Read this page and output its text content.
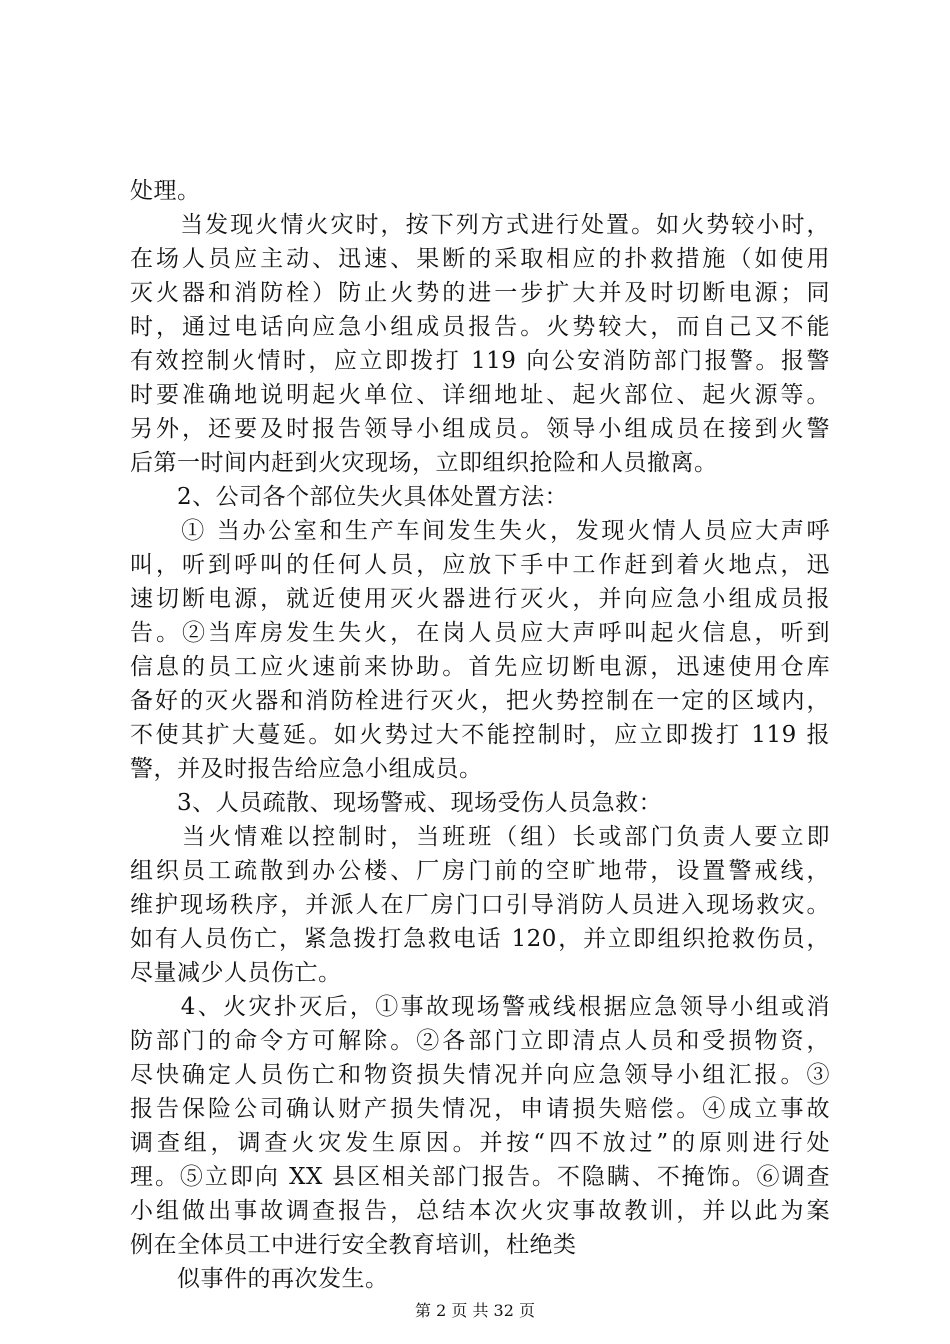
处理。
　　当发现火情火灾时，按下列方式进行处置。如火势较小时，
在场人员应主动、迅速、果断的采取相应的扑救措施（如使用
灭火器和消防栓）防止火势的进一步扩大并及时切断电源；同
时，通过电话向应急小组成员报告。火势较大，而自己又不能
有效控制火情时，应立即拨打 119 向公安消防部门报警。报警
时要准确地说明起火单位、详细地址、起火部位、起火源等。
另外，还要及时报告领导小组成员。领导小组成员在接到火警
后第一时间内赶到火灾现场，立即组织抢险和人员撤离。
　　2、公司各个部位失火具体处置方法：
　　① 当办公室和生产车间发生失火，发现火情人员应大声呼
叫，听到呼叫的任何人员，应放下手中工作赶到着火地点，迅
速切断电源，就近使用灭火器进行灭火，并向应急小组成员报
告。②当库房发生失火，在岗人员应大声呼叫起火信息，听到
信息的员工应火速前来协助。首先应切断电源，迅速使用仓库
备好的灭火器和消防栓进行灭火，把火势控制在一定的区域内，
不使其扩大蔓延。如火势过大不能控制时，应立即拨打 119 报
警，并及时报告给应急小组成员。
　　3、人员疏散、现场警戒、现场受伤人员急救：
　　当火情难以控制时，当班班（组）长或部门负责人要立即
组织员工疏散到办公楼、厂房门前的空旷地带，设置警戒线，
维护现场秩序，并派人在厂房门口引导消防人员进入现场救灾。
如有人员伤亡，紧急拨打急救电话 120，并立即组织抢救伤员，
尽量减少人员伤亡。
　　4、火灾扑灭后，①事故现场警戒线根据应急领导小组或消
防部门的命令方可解除。②各部门立即清点人员和受损物资，
尽快确定人员伤亡和物资损失情况并向应急领导小组汇报。③
报告保险公司确认财产损失情况，申请损失赔偿。④成立事故
调查组，调查火灾发生原因。并按“四不放过”的原则进行处
理。⑤立即向 XX 县区相关部门报告。不隐瞒、不掩饰。⑥调查
小组做出事故调查报告，总结本次火灾事故教训，并以此为案
例在全体员工中进行安全教育培训，杜绝类
　　似事件的再次发生。
第 2 页 共 32 页
